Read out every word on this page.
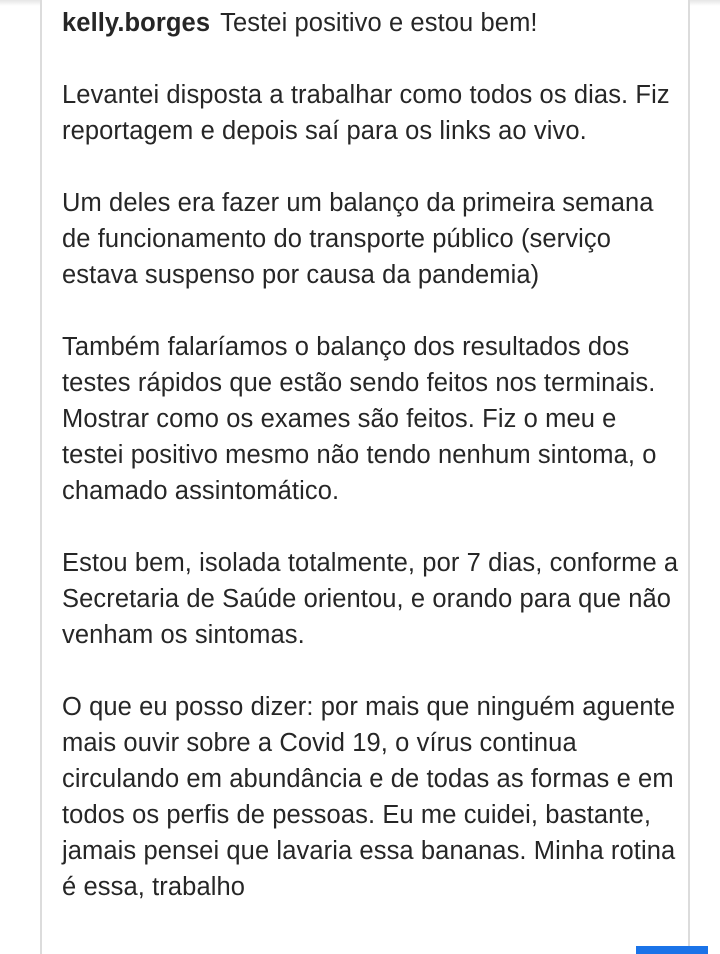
kelly.borges Testei positivo e estou bem!

Levantei disposta a trabalhar como todos os dias. Fiz reportagem e depois saí para os links ao vivo.

Um deles era fazer um balanço da primeira semana de funcionamento do transporte público (serviço estava suspenso por causa da pandemia)

Também falaríamos o balanço dos resultados dos testes rápidos que estão sendo feitos nos terminais. Mostrar como os exames são feitos. Fiz o meu e testei positivo mesmo não tendo nenhum sintoma, o chamado assintomático.

Estou bem, isolada totalmente, por 7 dias, conforme a Secretaria de Saúde orientou, e orando para que não venham os sintomas.

O que eu posso dizer: por mais que ninguém aguente mais ouvir sobre a Covid 19, o vírus continua circulando em abundância e de todas as formas e em todos os perfis de pessoas. Eu me cuidei, bastante, jamais pensei que lavaria essa bananas. Minha rotina é essa, trabalho
